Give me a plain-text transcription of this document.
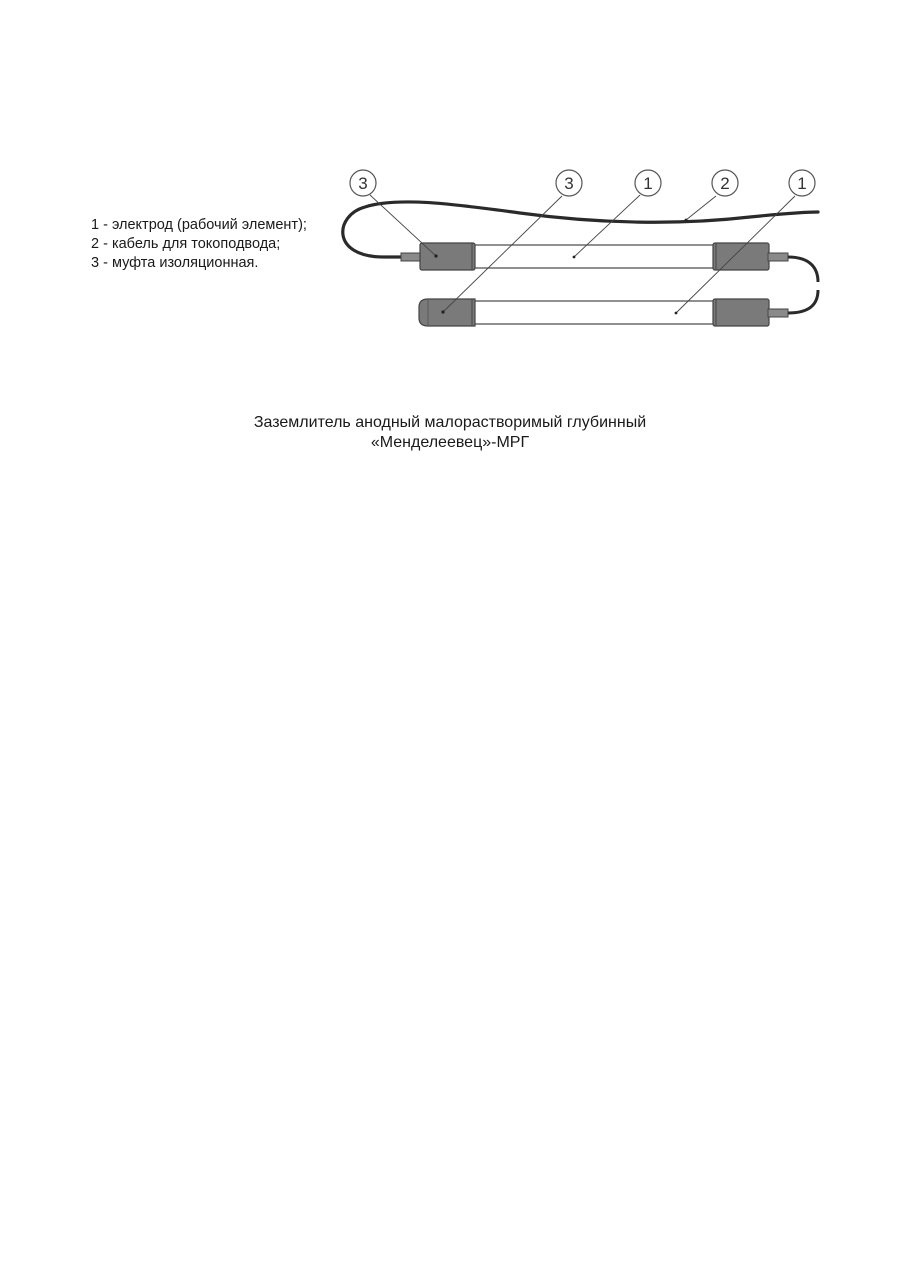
1 - электрод (рабочий элемент);
2 - кабель для токоподвода;
3 - муфта изоляционная.
3	3	1	2	1
Заземлитель анодный малорастворимый глубинный
«Менделеевец»-МРГ
